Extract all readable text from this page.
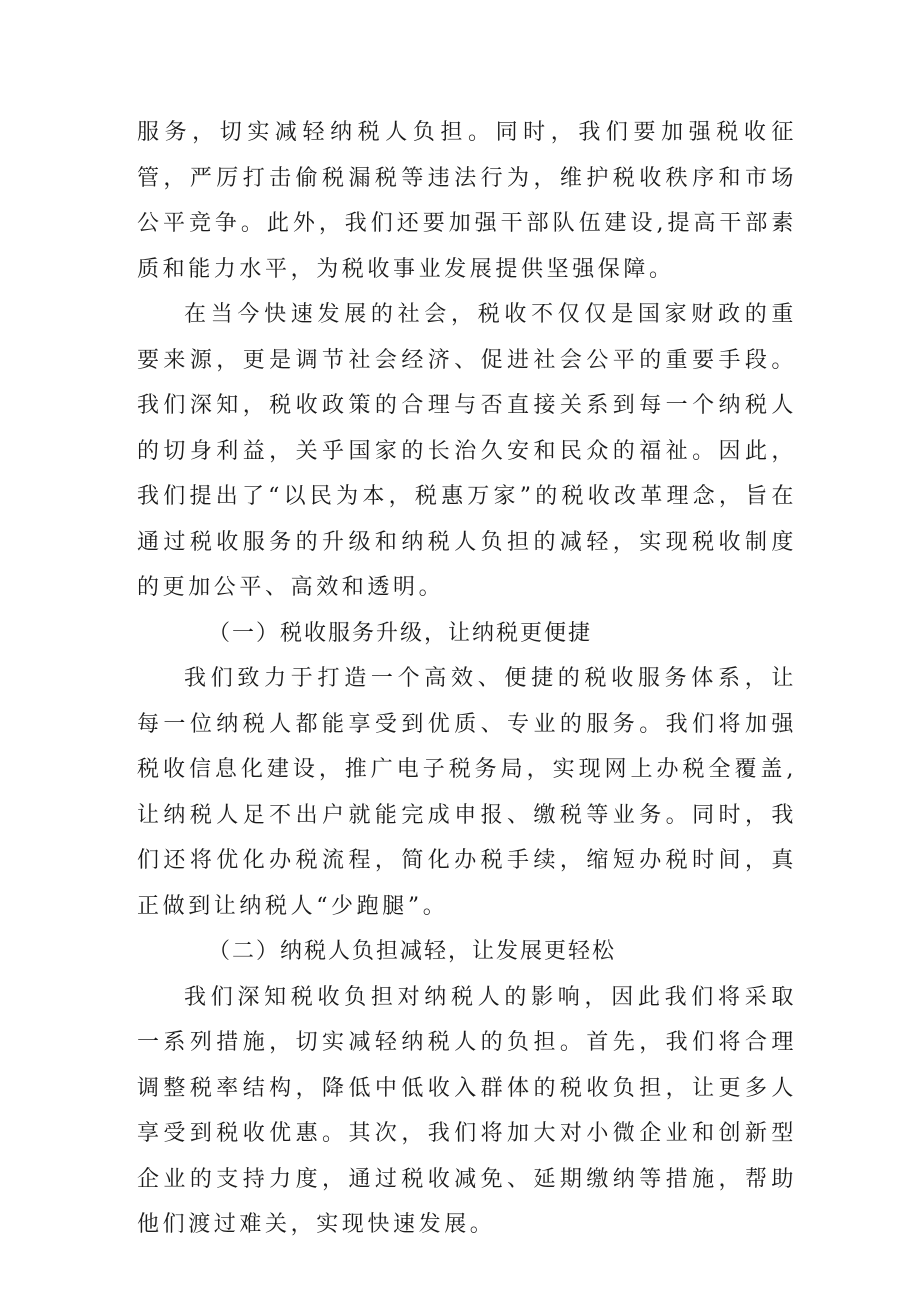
服务，切实减轻纳税人负担。同时，我们要加强税收征管，严厉打击偷税漏税等违法行为，维护税收秩序和市场公平竞争。此外，我们还要加强干部队伍建设,提高干部素质和能力水平，为税收事业发展提供坚强保障。

在当今快速发展的社会，税收不仅仅是国家财政的重要来源，更是调节社会经济、促进社会公平的重要手段。我们深知，税收政策的合理与否直接关系到每一个纳税人的切身利益，关乎国家的长治久安和民众的福祉。因此，我们提出了“以民为本，税惠万家”的税收改革理念，旨在通过税收服务的升级和纳税人负担的减轻，实现税收制度的更加公平、高效和透明。

（一）税收服务升级，让纳税更便捷

我们致力于打造一个高效、便捷的税收服务体系，让每一位纳税人都能享受到优质、专业的服务。我们将加强税收信息化建设，推广电子税务局，实现网上办税全覆盖,让纳税人足不出户就能完成申报、缴税等业务。同时，我们还将优化办税流程，简化办税手续，缩短办税时间，真正做到让纳税人“少跑腿”。

（二）纳税人负担减轻，让发展更轻松

我们深知税收负担对纳税人的影响，因此我们将采取一系列措施，切实减轻纳税人的负担。首先，我们将合理调整税率结构，降低中低收入群体的税收负担，让更多人享受到税收优惠。其次，我们将加大对小微企业和创新型企业的支持力度，通过税收减免、延期缴纳等措施，帮助他们渡过难关，实现快速发展。
